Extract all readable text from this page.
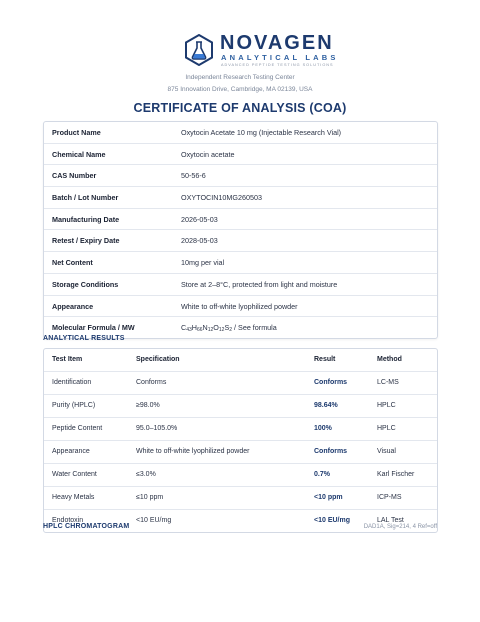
NOVAGEN
ANALYTICAL LABS
ADVANCED PEPTIDE TESTING SOLUTIONS
Independent Research Testing Center
875 Innovation Drive, Cambridge, MA 02139, USA
CERTIFICATE OF ANALYSIS (COA)
Product Name	Oxytocin Acetate 10 mg (Injectable Research Vial)
Chemical Name	Oxytocin acetate
CAS Number	50-56-6
Batch / Lot Number	OXYTOCIN10MG260503
Manufacturing Date	2026-05-03
Retest / Expiry Date	2028-05-03
Net Content	10mg per vial
Storage Conditions	Store at 2–8°C, protected from light and moisture
Appearance	White to off-white lyophilized powder
Molecular Formula / MW	$C_{43}H_{66}N_{12}O_{12}S_2$ / See formula
ANALYTICAL RESULTS
Test Item	Specification	Result	Method
Identification	Conforms	Conforms	LC-MS
Purity (HPLC)	≥98.0%	98.64%	HPLC
Peptide Content	95.0–105.0%	100%	HPLC
Appearance	White to off-white lyophilized powder	Conforms	Visual
Water Content	≤3.0%	0.7%	Karl Fischer
Heavy Metals	≤10 ppm	<10 ppm	ICP-MS
Endotoxin	<10 EU/mg	<10 EU/mg	LAL Test
HPLC CHROMATOGRAM	DAD1A, Sig=214, 4 Ref=off
